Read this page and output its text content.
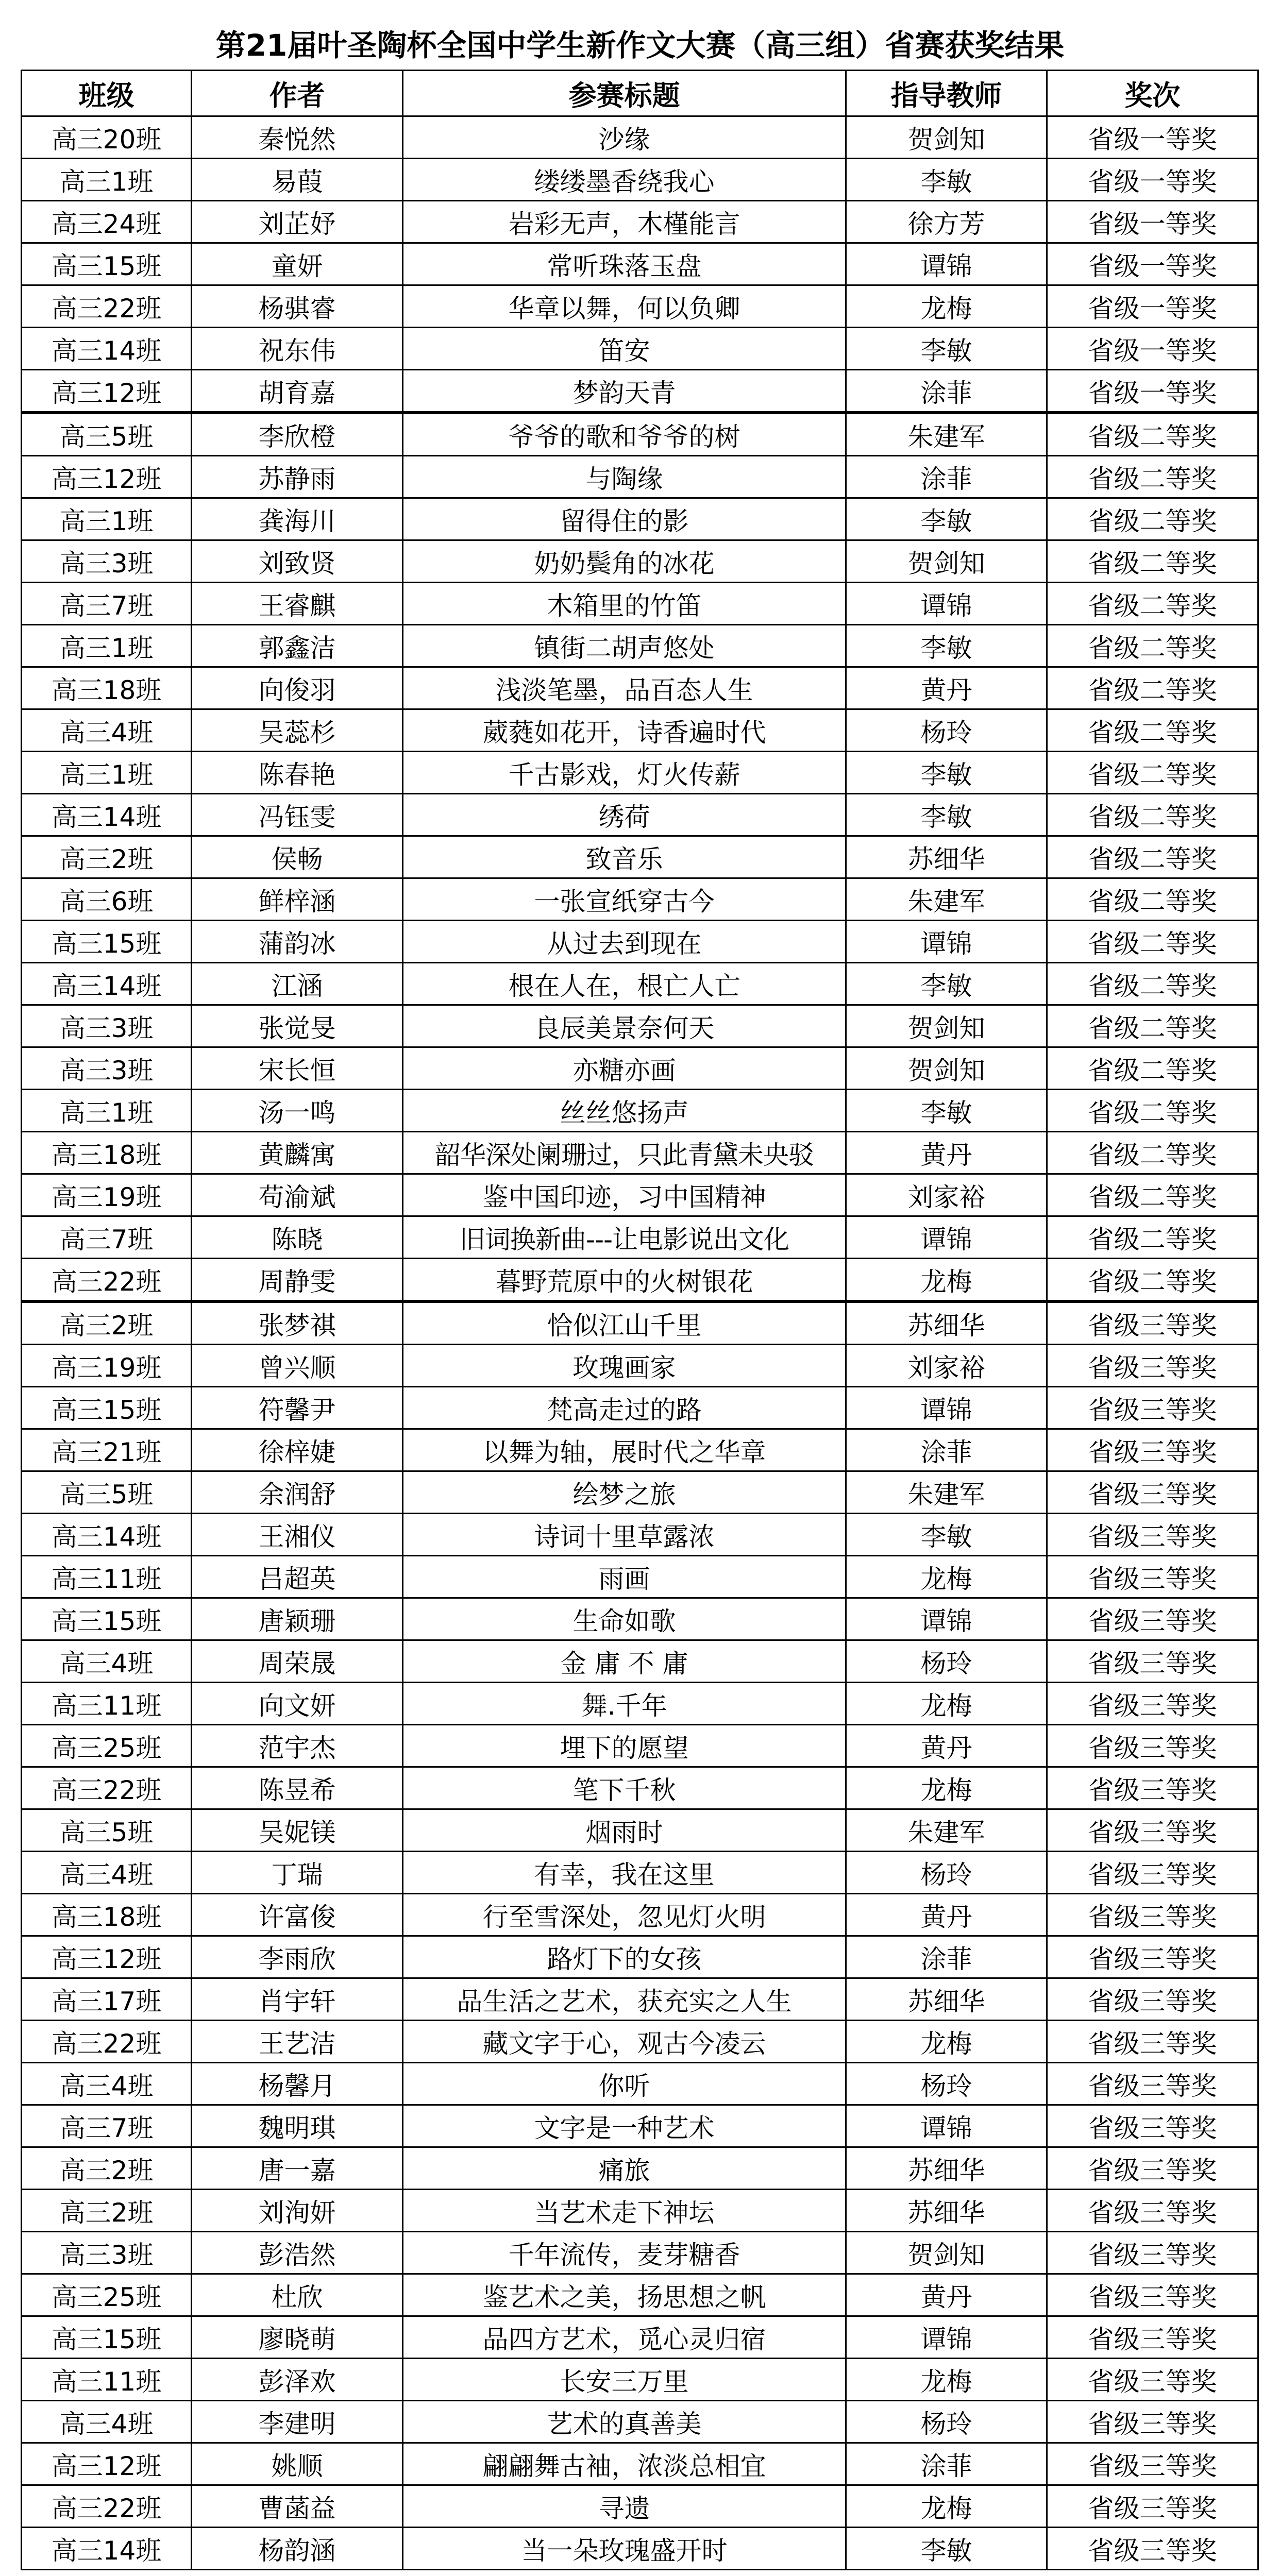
第21届叶圣陶杯全国中学生新作文大赛（高三组）省赛获奖结果
班级	作者	参赛标题	指导教师	奖次
高三20班	秦悦然	沙缘	贺剑知	省级一等奖
高三1班	易葭	缕缕墨香绕我心	李敏	省级一等奖
高三24班	刘芷妤	岩彩无声，木槿能言	徐方芳	省级一等奖
高三15班	童妍	常听珠落玉盘	谭锦	省级一等奖
高三22班	杨骐睿	华章以舞，何以负卿	龙梅	省级一等奖
高三14班	祝东伟	笛安	李敏	省级一等奖
高三12班	胡育嘉	梦韵天青	涂菲	省级一等奖
高三5班	李欣橙	爷爷的歌和爷爷的树	朱建军	省级二等奖
高三12班	苏静雨	与陶缘	涂菲	省级二等奖
高三1班	龚海川	留得住的影	李敏	省级二等奖
高三3班	刘致贤	奶奶鬓角的冰花	贺剑知	省级二等奖
高三7班	王睿麒	木箱里的竹笛	谭锦	省级二等奖
高三1班	郭鑫洁	镇街二胡声悠处	李敏	省级二等奖
高三18班	向俊羽	浅淡笔墨，品百态人生	黄丹	省级二等奖
高三4班	吴蕊杉	葳蕤如花开，诗香遍时代	杨玲	省级二等奖
高三1班	陈春艳	千古影戏，灯火传薪	李敏	省级二等奖
高三14班	冯钰雯	绣荷	李敏	省级二等奖
高三2班	侯畅	致音乐	苏细华	省级二等奖
高三6班	鲜梓涵	一张宣纸穿古今	朱建军	省级二等奖
高三15班	蒲韵冰	从过去到现在	谭锦	省级二等奖
高三14班	江涵	根在人在，根亡人亡	李敏	省级二等奖
高三3班	张觉旻	良辰美景奈何天	贺剑知	省级二等奖
高三3班	宋长恒	亦糖亦画	贺剑知	省级二等奖
高三1班	汤一鸣	丝丝悠扬声	李敏	省级二等奖
高三18班	黄麟寓	韶华深处阑珊过，只此青黛未央驳	黄丹	省级二等奖
高三19班	苟渝斌	鉴中国印迹，习中国精神	刘家裕	省级二等奖
高三7班	陈晓	旧词换新曲---让电影说出文化	谭锦	省级二等奖
高三22班	周静雯	暮野荒原中的火树银花	龙梅	省级二等奖
高三2班	张梦祺	恰似江山千里	苏细华	省级三等奖
高三19班	曾兴顺	玫瑰画家	刘家裕	省级三等奖
高三15班	符馨尹	梵高走过的路	谭锦	省级三等奖
高三21班	徐梓婕	以舞为轴，展时代之华章	涂菲	省级三等奖
高三5班	余润舒	绘梦之旅	朱建军	省级三等奖
高三14班	王湘仪	诗词十里草露浓	李敏	省级三等奖
高三11班	吕超英	雨画	龙梅	省级三等奖
高三15班	唐颖珊	生命如歌	谭锦	省级三等奖
高三4班	周荣晟	金 庸 不 庸	杨玲	省级三等奖
高三11班	向文妍	舞.千年	龙梅	省级三等奖
高三25班	范宇杰	埋下的愿望	黄丹	省级三等奖
高三22班	陈昱希	笔下千秋	龙梅	省级三等奖
高三5班	吴妮镁	烟雨时	朱建军	省级三等奖
高三4班	丁瑞	有幸，我在这里	杨玲	省级三等奖
高三18班	许富俊	行至雪深处，忽见灯火明	黄丹	省级三等奖
高三12班	李雨欣	路灯下的女孩	涂菲	省级三等奖
高三17班	肖宇轩	品生活之艺术，获充实之人生	苏细华	省级三等奖
高三22班	王艺洁	藏文字于心，观古今凌云	龙梅	省级三等奖
高三4班	杨馨月	你听	杨玲	省级三等奖
高三7班	魏明琪	文字是一种艺术	谭锦	省级三等奖
高三2班	唐一嘉	痛旅	苏细华	省级三等奖
高三2班	刘洵妍	当艺术走下神坛	苏细华	省级三等奖
高三3班	彭浩然	千年流传，麦芽糖香	贺剑知	省级三等奖
高三25班	杜欣	鉴艺术之美，扬思想之帆	黄丹	省级三等奖
高三15班	廖晓萌	品四方艺术，觅心灵归宿	谭锦	省级三等奖
高三11班	彭泽欢	长安三万里	龙梅	省级三等奖
高三4班	李建明	艺术的真善美	杨玲	省级三等奖
高三12班	姚顺	翩翩舞古袖，浓淡总相宜	涂菲	省级三等奖
高三22班	曹菡益	寻遗	龙梅	省级三等奖
高三14班	杨韵涵	当一朵玫瑰盛开时	李敏	省级三等奖
